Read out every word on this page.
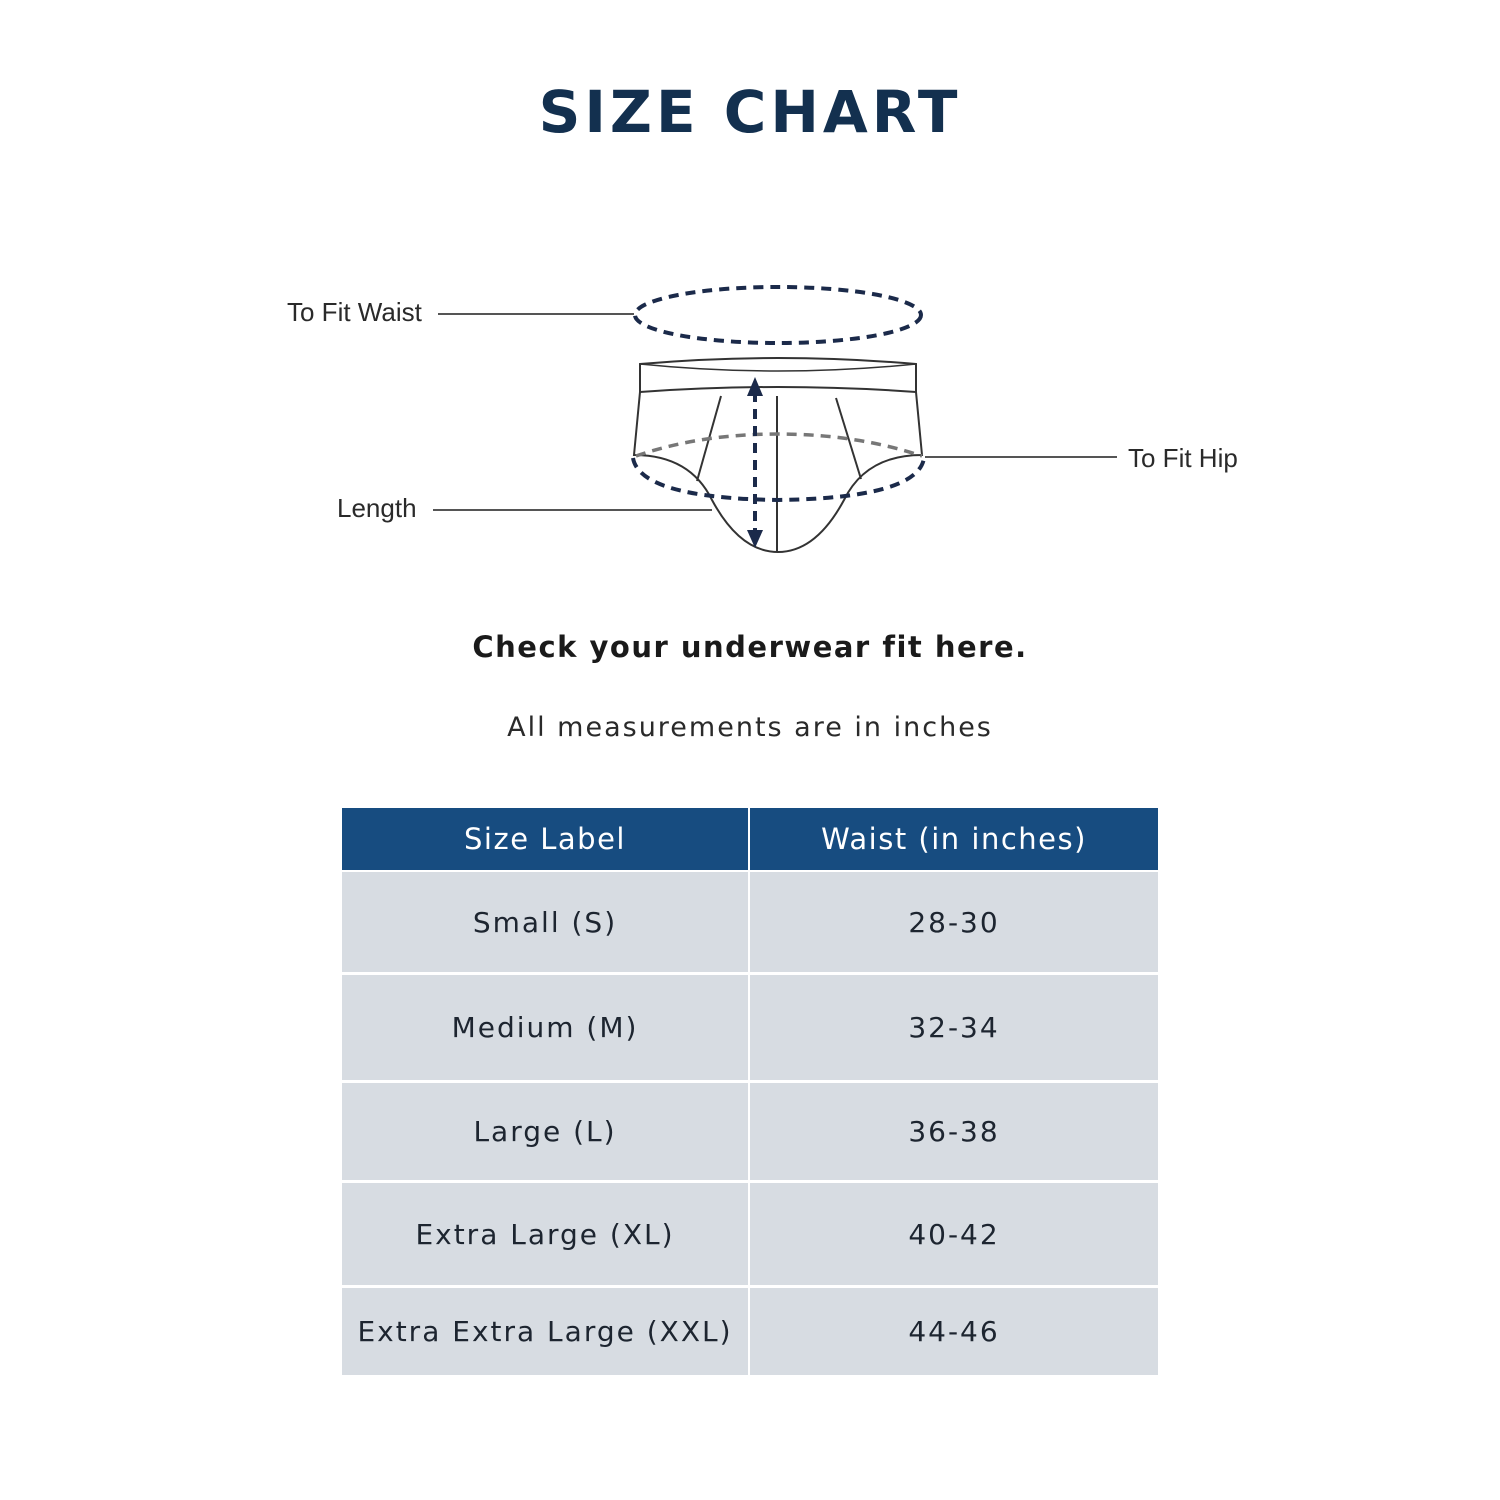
SIZE CHART
To Fit Waist
Length
To Fit Hip
Check your underwear fit here.
All measurements are in inches
Size Label	Waist (in inches)
Small (S)	28-30
Medium (M)	32-34
Large (L)	36-38
Extra Large (XL)	40-42
Extra Extra Large (XXL)	44-46
